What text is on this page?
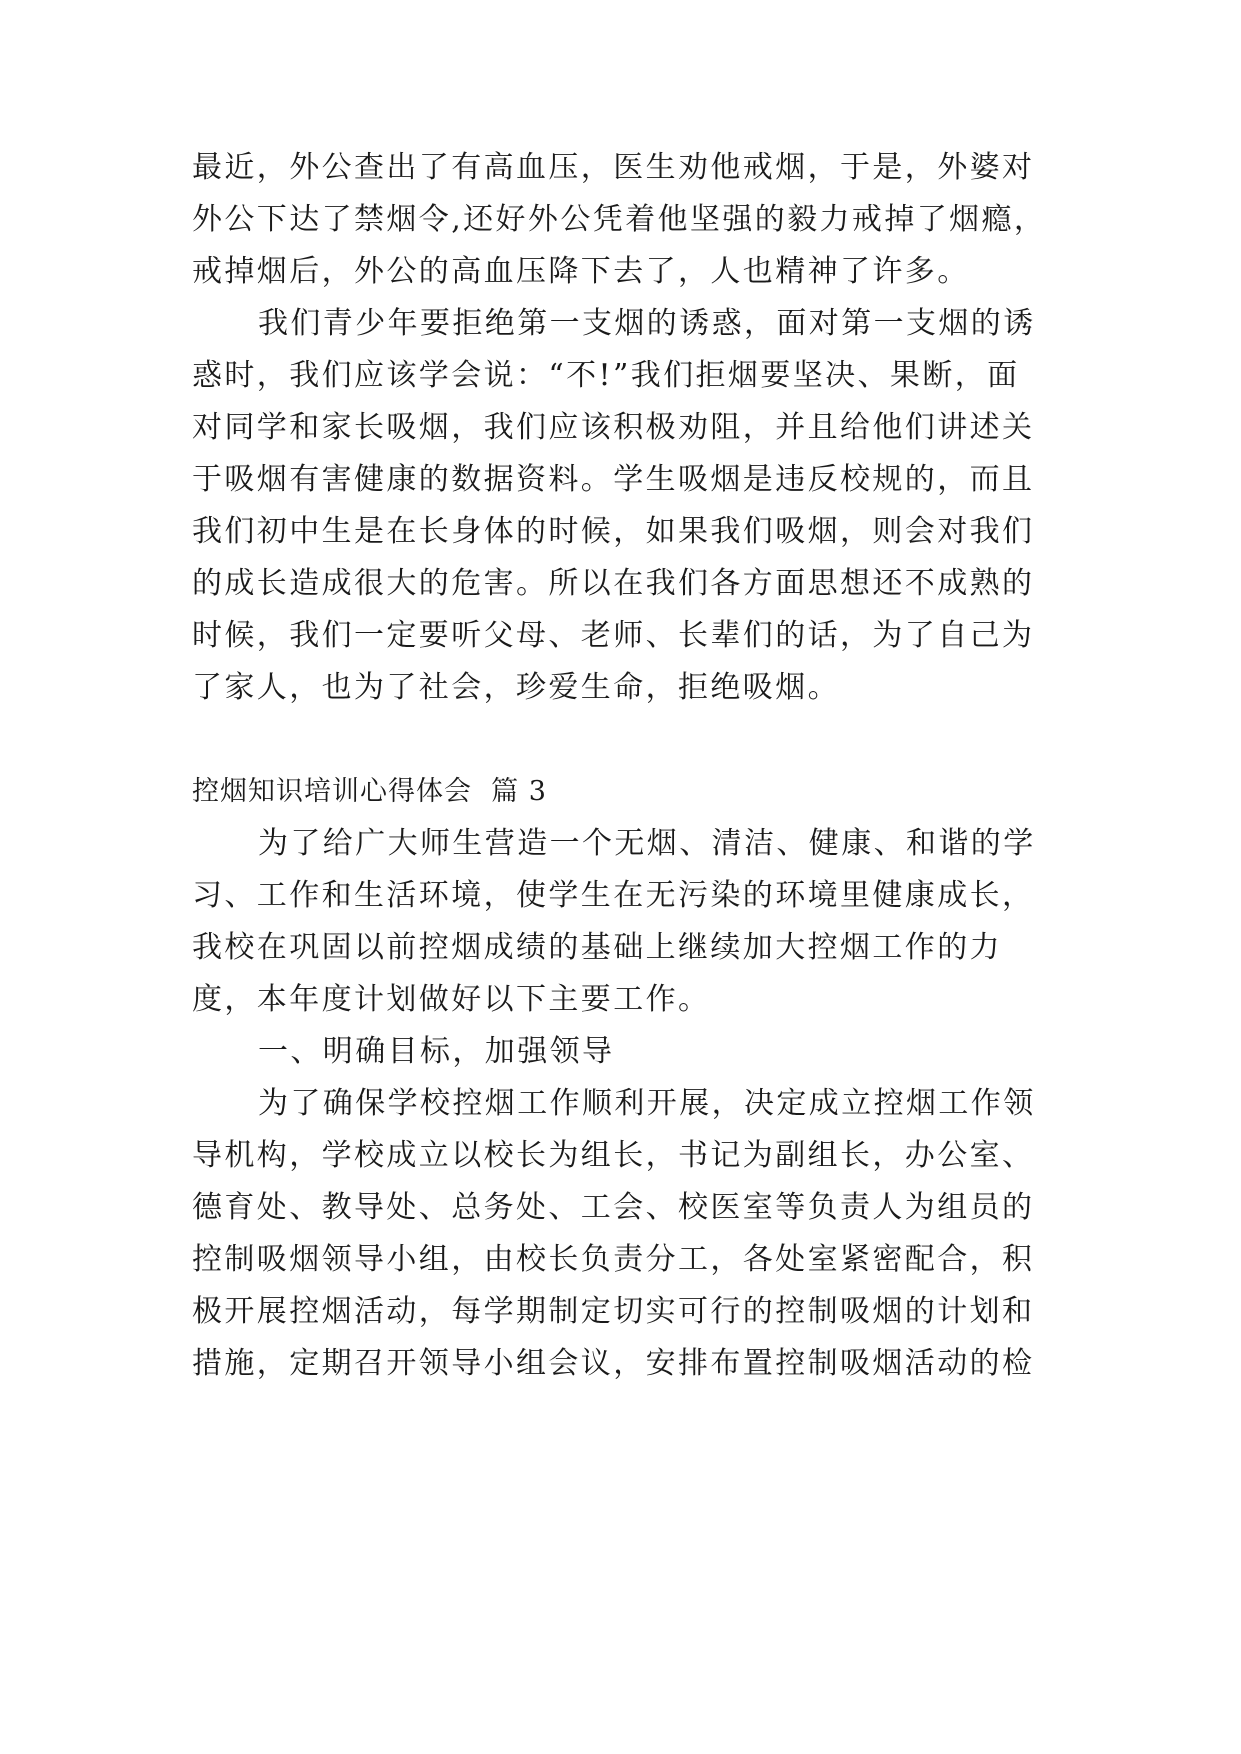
最近，外公查出了有高血压，医生劝他戒烟，于是，外婆对
外公下达了禁烟令,还好外公凭着他坚强的毅力戒掉了烟瘾，
戒掉烟后，外公的高血压降下去了，人也精神了许多。
我们青少年要拒绝第一支烟的诱惑，面对第一支烟的诱
惑时，我们应该学会说：“不!”我们拒烟要坚决、果断，面
对同学和家长吸烟，我们应该积极劝阻，并且给他们讲述关
于吸烟有害健康的数据资料。学生吸烟是违反校规的，而且
我们初中生是在长身体的时候，如果我们吸烟，则会对我们
的成长造成很大的危害。所以在我们各方面思想还不成熟的
时候，我们一定要听父母、老师、长辈们的话，为了自己为
了家人，也为了社会，珍爱生命，拒绝吸烟。
控烟知识培训心得体会  篇 3
为了给广大师生营造一个无烟、清洁、健康、和谐的学
习、工作和生活环境，使学生在无污染的环境里健康成长，
我校在巩固以前控烟成绩的基础上继续加大控烟工作的力
度，本年度计划做好以下主要工作。
一、明确目标，加强领导
为了确保学校控烟工作顺利开展，决定成立控烟工作领
导机构，学校成立以校长为组长，书记为副组长，办公室、
德育处、教导处、总务处、工会、校医室等负责人为组员的
控制吸烟领导小组，由校长负责分工，各处室紧密配合，积
极开展控烟活动，每学期制定切实可行的控制吸烟的计划和
措施，定期召开领导小组会议，安排布置控制吸烟活动的检
